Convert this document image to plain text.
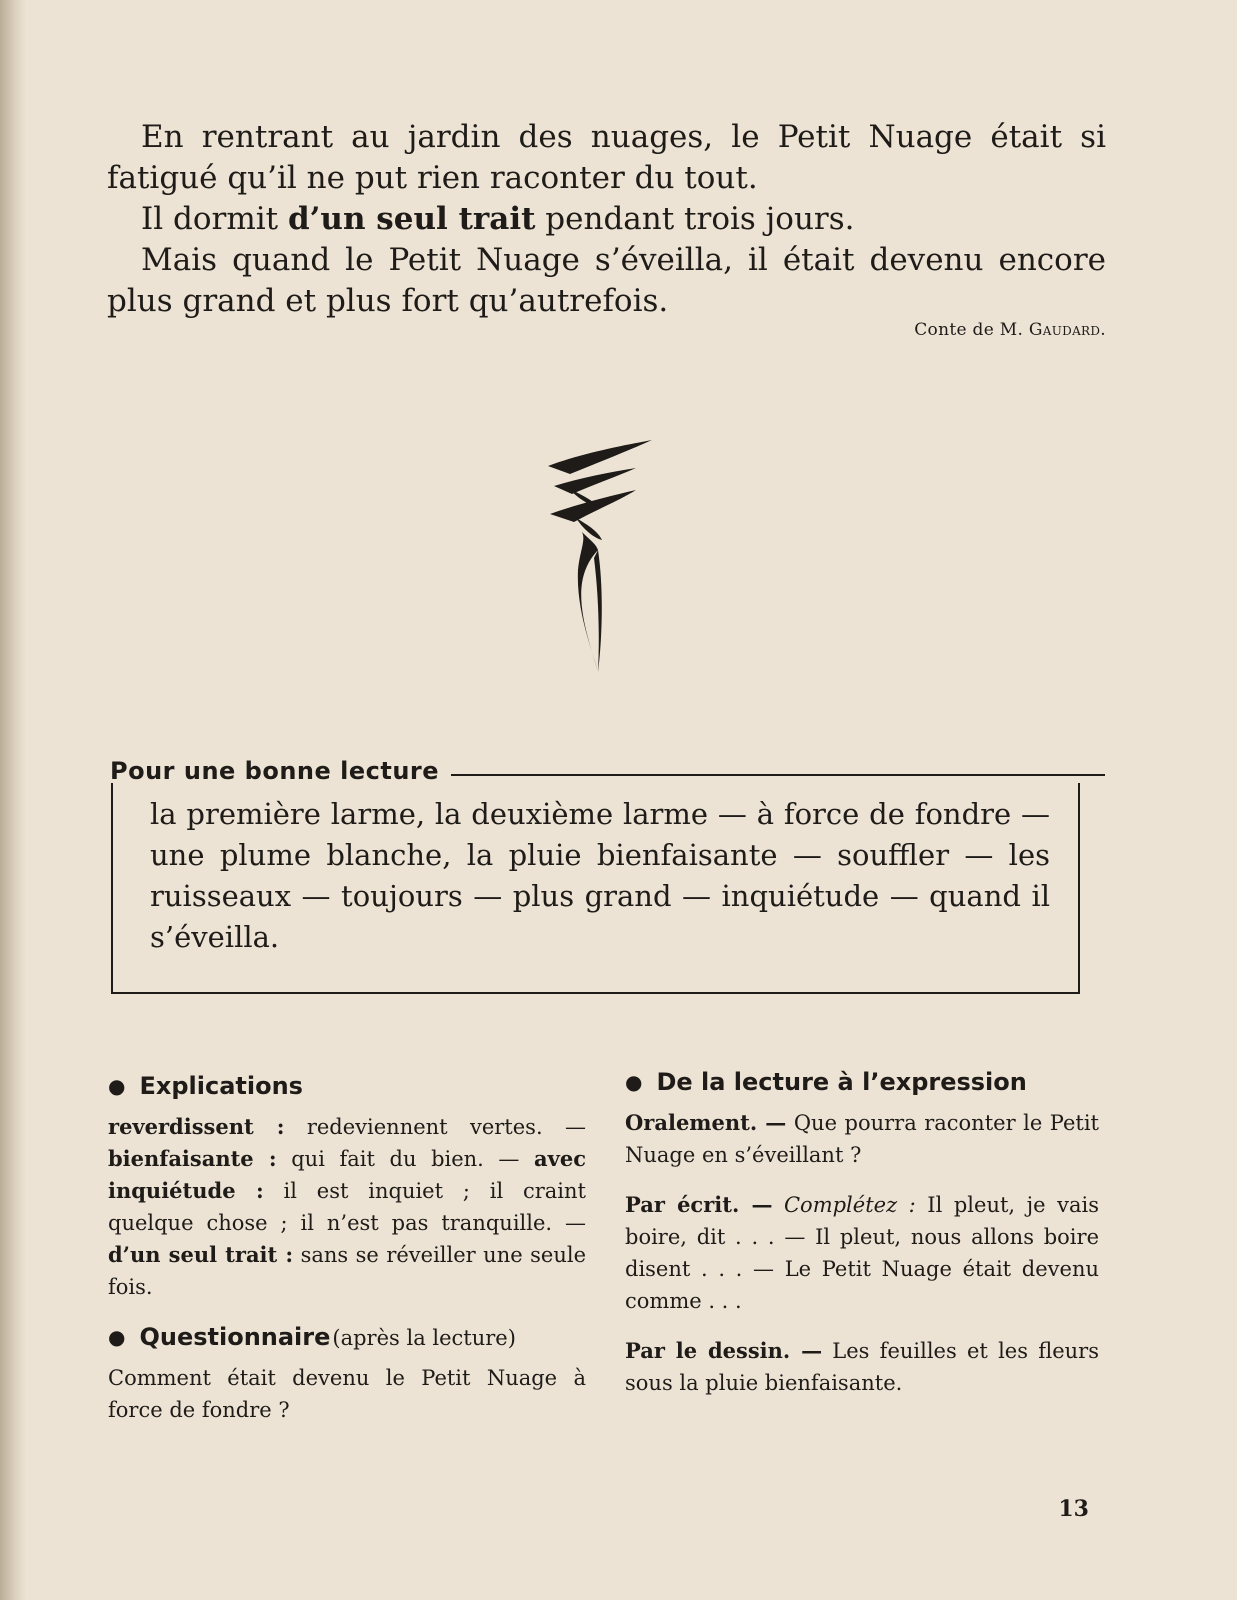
En rentrant au jardin des nuages, le Petit Nuage était si fatigué qu’il ne put rien raconter du tout.

Il dormit d’un seul trait pendant trois jours.

Mais quand le Petit Nuage s’éveilla, il était devenu encore plus grand et plus fort qu’autrefois.

Conte de M. Gaudard.
Pour une bonne lecture
la première larme, la deuxième larme — à force de fondre — une plume blanche, la pluie bienfaisante — souffler — les ruisseaux — toujours — plus grand — inquiétude — quand il s’éveilla.
● Explications

reverdissent : redeviennent vertes. — bienfaisante : qui fait du bien. — avec inquiétude : il est inquiet ; il craint quelque chose ; il n’est pas tranquille. — d’un seul trait : sans se réveiller une seule fois.

● Questionnaire (après la lecture)

Comment était devenu le Petit Nuage à force de fondre ?

● De la lecture à l’expression

Oralement. — Que pourra raconter le Petit Nuage en s’éveillant ?

Par écrit. — Complétez : Il pleut, je vais boire, dit . . . — Il pleut, nous allons boire disent . . . — Le Petit Nuage était devenu comme . . .

Par le dessin. — Les feuilles et les fleurs sous la pluie bienfaisante.

13
